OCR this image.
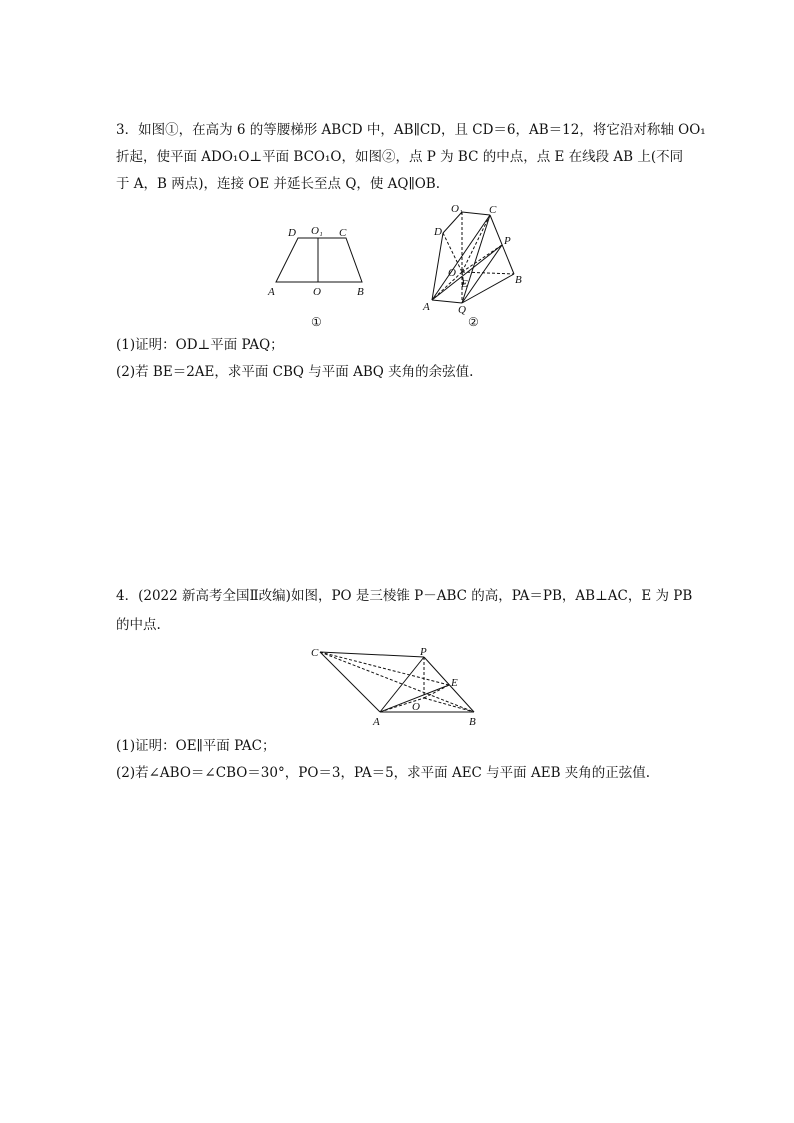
3．如图①，在高为 6 的等腰梯形 ABCD 中，AB∥CD，且 CD＝6，AB＝12，将它沿对称轴 OO₁
折起，使平面 ADO₁O⊥平面 BCO₁O，如图②，点 P 为 BC 的中点，点 E 在线段 AB 上(不同
于 A，B 两点)，连接 OE 并延长至点 Q，使 AQ∥OB.
D O₁ C
A	O	B
①
O₁ C
D
P
O
E	B
A	Q
②
(1)证明：OD⊥平面 PAQ；
(2)若 BE＝2AE，求平面 CBQ 与平面 ABQ 夹角的余弦值.
4．(2022 新高考全国Ⅱ改编)如图，PO 是三棱锥 P－ABC 的高，PA＝PB，AB⊥AC，E 为 PB
的中点.
C	P
E
O
A	B
(1)证明：OE∥平面 PAC；
(2)若∠ABO＝∠CBO＝30°，PO＝3，PA＝5，求平面 AEC 与平面 AEB 夹角的正弦值.
